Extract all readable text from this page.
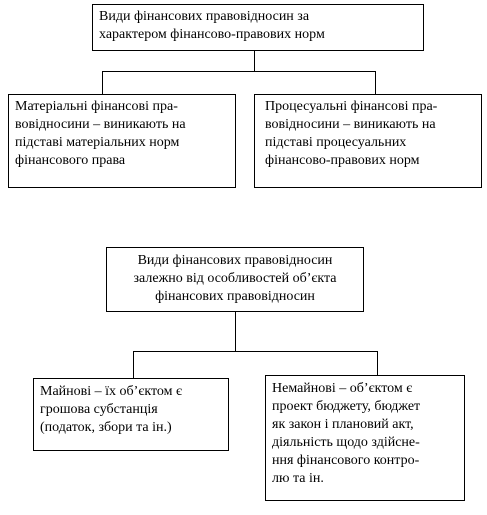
Види фінансових правовідносин за
характером фінансово-правових норм
Матеріальні фінансові пра-
вовідносини – виникають на
підставі матеріальних норм
фінансового права
Процесуальні фінансові пра-
вовідносини – виникають на
підставі процесуальних
фінансово-правових норм
Види фінансових правовідносин
залежно від особливостей об’єкта
фінансових правовідносин
Майнові – їх об’єктом є
грошова субстанція
(податок, збори та ін.)
Немайнові – об’єктом є
проект бюджету, бюджет
як закон і плановий акт,
діяльність щодо здійсне-
ння фінансового контро-
лю та ін.
